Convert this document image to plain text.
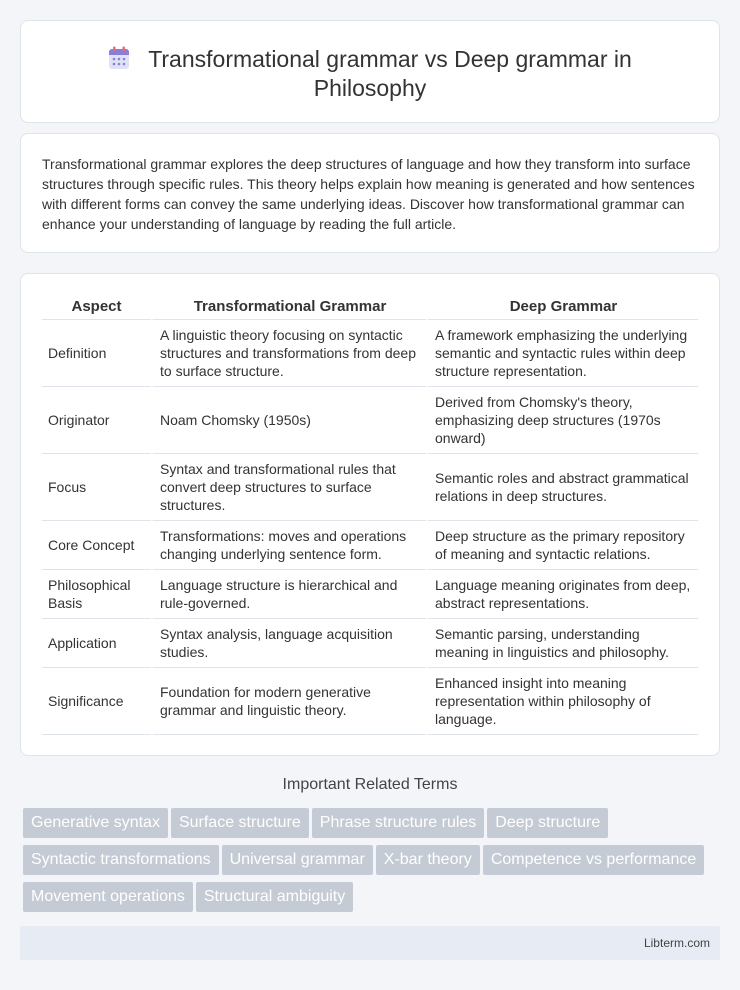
Transformational grammar vs Deep grammar in Philosophy

Transformational grammar explores the deep structures of language and how they transform into surface structures through specific rules. This theory helps explain how meaning is generated and how sentences with different forms can convey the same underlying ideas. Discover how transformational grammar can enhance your understanding of language by reading the full article.

Aspect	Transformational Grammar	Deep Grammar
Definition	A linguistic theory focusing on syntactic structures and transformations from deep to surface structure.	A framework emphasizing the underlying semantic and syntactic rules within deep structure representation.
Originator	Noam Chomsky (1950s)	Derived from Chomsky's theory, emphasizing deep structures (1970s onward)
Focus	Syntax and transformational rules that convert deep structures to surface structures.	Semantic roles and abstract grammatical relations in deep structures.
Core Concept	Transformations: moves and operations changing underlying sentence form.	Deep structure as the primary repository of meaning and syntactic relations.
Philosophical Basis	Language structure is hierarchical and rule-governed.	Language meaning originates from deep, abstract representations.
Application	Syntax analysis, language acquisition studies.	Semantic parsing, understanding meaning in linguistics and philosophy.
Significance	Foundation for modern generative grammar and linguistic theory.	Enhanced insight into meaning representation within philosophy of language.
Important Related Terms
Generative syntax Surface structure Phrase structure rules Deep structure
Syntactic transformations Universal grammar X-bar theory Competence vs performance
Movement operations Structural ambiguity
Libterm.com
